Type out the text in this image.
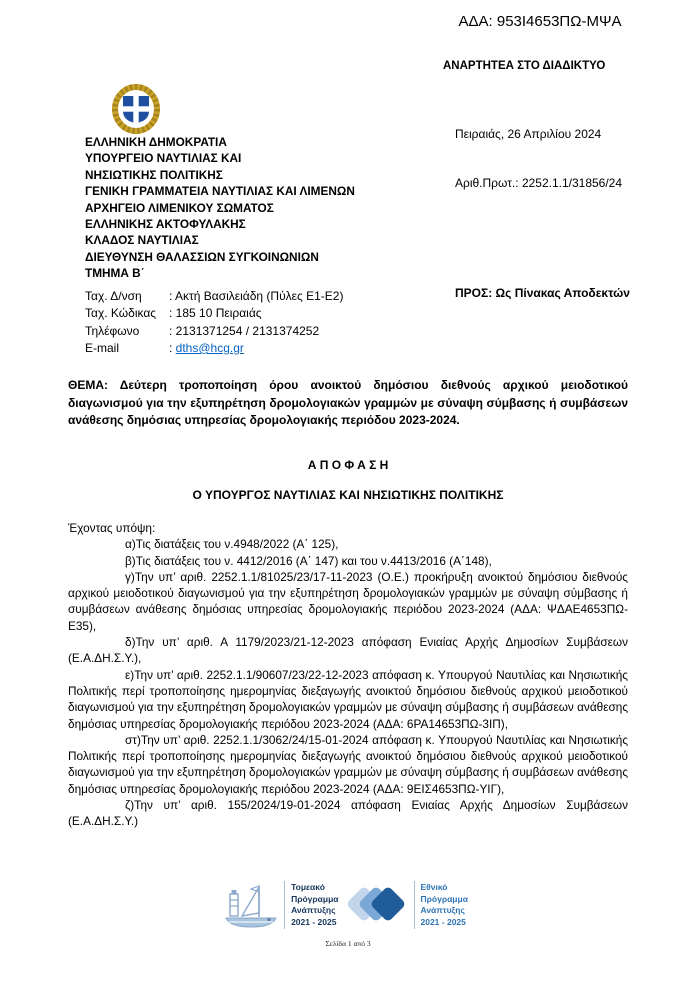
ΑΔΑ: 953Ι4653ΠΩ-ΜΨΑ
ΑΝΑΡΤΗΤΕΑ ΣΤΟ ΔΙΑΔΙΚΤΥΟ
ΕΛΛΗΝΙΚΗ ΔΗΜΟΚΡΑΤΙΑ
ΥΠΟΥΡΓΕΙΟ ΝΑΥΤΙΛΙΑΣ ΚΑΙ
ΝΗΣΙΩΤΙΚΗΣ ΠΟΛΙΤΙΚΗΣ
ΓΕΝΙΚΗ ΓΡΑΜΜΑΤΕΙΑ ΝΑΥΤΙΛΙΑΣ ΚΑΙ ΛΙΜΕΝΩΝ
ΑΡΧΗΓΕΙΟ ΛΙΜΕΝΙΚΟΥ ΣΩΜΑΤΟΣ
ΕΛΛΗΝΙΚΗΣ ΑΚΤΟΦΥΛΑΚΗΣ
ΚΛΑΔΟΣ ΝΑΥΤΙΛΙΑΣ
ΔΙΕΥΘΥΝΣΗ ΘΑΛΑΣΣΙΩΝ ΣΥΓΚΟΙΝΩΝΙΩΝ
ΤΜΗΜΑ Β΄
Πειραιάς, 26 Απριλίου 2024
Αριθ.Πρωτ.: 2252.1.1/31856/24
ΠΡΟΣ: Ως Πίνακας Αποδεκτών
Ταχ. Δ/νση : Ακτή Βασιλειάδη (Πύλες Ε1-Ε2)
Ταχ. Κώδικας : 185 10 Πειραιάς
Τηλέφωνο : 2131371254 / 2131374252
E-mail	: dths@hcg.gr
ΘΕΜΑ: Δεύτερη τροποποίηση όρου ανοικτού δημόσιου διεθνούς αρχικού μειοδοτικού διαγωνισμού για την εξυπηρέτηση δρομολογιακών γραμμών με σύναψη σύμβασης ή συμβάσεων ανάθεσης δημόσιας υπηρεσίας δρομολογιακής περιόδου 2023-2024.
Α Π Ο Φ Α Σ Η
Ο ΥΠΟΥΡΓΟΣ ΝΑΥΤΙΛΙΑΣ ΚΑΙ ΝΗΣΙΩΤΙΚΗΣ ΠΟΛΙΤΙΚΗΣ

Έχοντας υπόψη:

α)Τις διατάξεις του ν.4948/2022 (Α΄ 125),

β)Τις διατάξεις του ν. 4412/2016 (Α΄ 147) και του ν.4413/2016 (Α΄148),

γ)Την υπ’ αριθ. 2252.1.1/81025/23/17-11-2023 (Ο.Ε.) προκήρυξη ανοικτού δημόσιου διεθνούς αρχικού μειοδοτικού διαγωνισμού για την εξυπηρέτηση δρομολογιακών γραμμών με σύναψη σύμβασης ή συμβάσεων ανάθεσης δημόσιας υπηρεσίας δρομολογιακής περιόδου 2023-2024 (ΑΔΑ: ΨΔΑΕ4653ΠΩ-Ε35),

δ)Την υπ’ αριθ. Α 1179/2023/21-12-2023 απόφαση Ενιαίας Αρχής Δημοσίων Συμβάσεων (Ε.Α.ΔΗ.Σ.Υ.),

ε)Την υπ’ αριθ. 2252.1.1/90607/23/22-12-2023 απόφαση κ. Υπουργού Ναυτιλίας και Νησιωτικής Πολιτικής περί τροποποίησης ημερομηνίας διεξαγωγής ανοικτού δημόσιου διεθνούς αρχικού μειοδοτικού διαγωνισμού για την εξυπηρέτηση δρομολογιακών γραμμών με σύναψη σύμβασης ή συμβάσεων ανάθεσης δημόσιας υπηρεσίας δρομολογιακής περιόδου 2023-2024 (ΑΔΑ: 6ΡΑ14653ΠΩ-3ΙΠ),

στ)Την υπ’ αριθ. 2252.1.1/3062/24/15-01-2024 απόφαση κ. Υπουργού Ναυτιλίας και Νησιωτικής Πολιτικής περί τροποποίησης ημερομηνίας διεξαγωγής ανοικτού δημόσιου διεθνούς αρχικού μειοδοτικού διαγωνισμού για την εξυπηρέτηση δρομολογιακών γραμμών με σύναψη σύμβασης ή συμβάσεων ανάθεσης δημόσιας υπηρεσίας δρομολογιακής περιόδου 2023-2024 (ΑΔΑ: 9ΕΙΣ4653ΠΩ-ΥΙΓ),

ζ)Την υπ’ αριθ. 155/2024/19-01-2024 απόφαση Ενιαίας Αρχής Δημοσίων Συμβάσεων (Ε.Α.ΔΗ.Σ.Υ.)

Τομεακό
Πρόγραμμα
Ανάπτυξης
2021 - 2025
Εθνικό
Πρόγραμμα
Ανάπτυξης
2021 - 2025
Σελίδα 1 από 3
